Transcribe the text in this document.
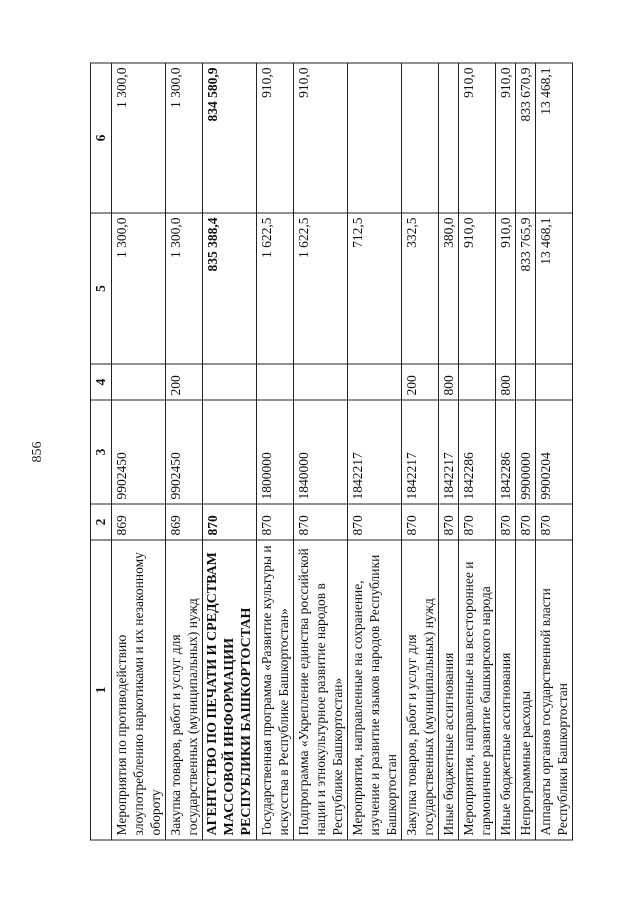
856
1	2	3	4	5	6
Мероприятия по противодействию злоупотреблению наркотиками и их незаконному обороту	869	9902450		1 300,0	1 300,0
Закупка товаров, работ и услуг для государственных (муниципальных) нужд	869	9902450	200	1 300,0	1 300,0
АГЕНТСТВО ПО ПЕЧАТИ И СРЕДСТВАМ МАССОВОЙ ИНФОРМАЦИИ РЕСПУБЛИКИ БАШКОРТОСТАН	870			835 388,4	834 580,9
Государственная программа «Развитие культуры и искусства в Республике Башкортостан»	870	1800000		1 622,5	910,0
Подпрограмма «Укрепление единства российской нации и этнокультурное развитие народов в Республике Башкортостан»	870	1840000		1 622,5	910,0
Мероприятия, направленные на сохранение, изучение и развитие языков народов Республики Башкортостан	870	1842217		712,5	
Закупка товаров, работ и услуг для государственных (муниципальных) нужд	870	1842217	200	332,5	
Иные бюджетные ассигнования	870	1842217	800	380,0	
Мероприятия, направленные на всестороннее и гармоничное развитие башкирского народа	870	1842286		910,0	910,0
Иные бюджетные ассигнования	870	1842286	800	910,0	910,0
Непрограммные расходы	870	9900000		833 765,9	833 670,9
Аппараты органов государственной власти Республики Башкортостан	870	9900204		13 468,1	13 468,1
